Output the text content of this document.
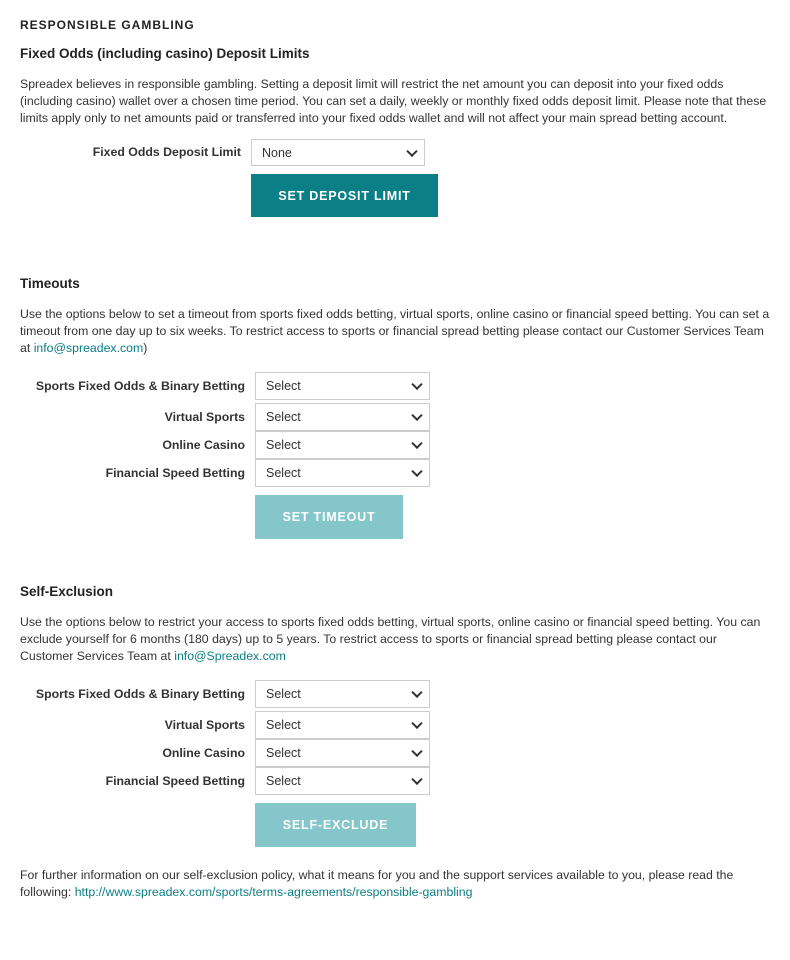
RESPONSIBLE GAMBLING
Fixed Odds (including casino) Deposit Limits

Spreadex believes in responsible gambling. Setting a deposit limit will restrict the net amount you can deposit into your fixed odds (including casino) wallet over a chosen time period. You can set a daily, weekly or monthly fixed odds deposit limit. Please note that these limits apply only to net amounts paid or transferred into your fixed odds wallet and will not affect your main spread betting account.

Fixed Odds Deposit Limit	None
SET DEPOSIT LIMIT
Timeouts

Use the options below to set a timeout from sports fixed odds betting, virtual sports, online casino or financial speed betting. You can set a timeout from one day up to six weeks. To restrict access to sports or financial spread betting please contact our Customer Services Team at info@spreadex.com)

Sports Fixed Odds & Binary Betting	Select
Virtual Sports	Select
Online Casino	Select
Financial Speed Betting	Select
SET TIMEOUT
Self-Exclusion

Use the options below to restrict your access to sports fixed odds betting, virtual sports, online casino or financial speed betting. You can exclude yourself for 6 months (180 days) up to 5 years. To restrict access to sports or financial spread betting please contact our Customer Services Team at info@Spreadex.com

Sports Fixed Odds & Binary Betting	Select
Virtual Sports	Select
Online Casino	Select
Financial Speed Betting	Select
SELF-EXCLUDE

For further information on our self-exclusion policy, what it means for you and the support services available to you, please read the following: http://www.spreadex.com/sports/terms-agreements/responsible-gambling
